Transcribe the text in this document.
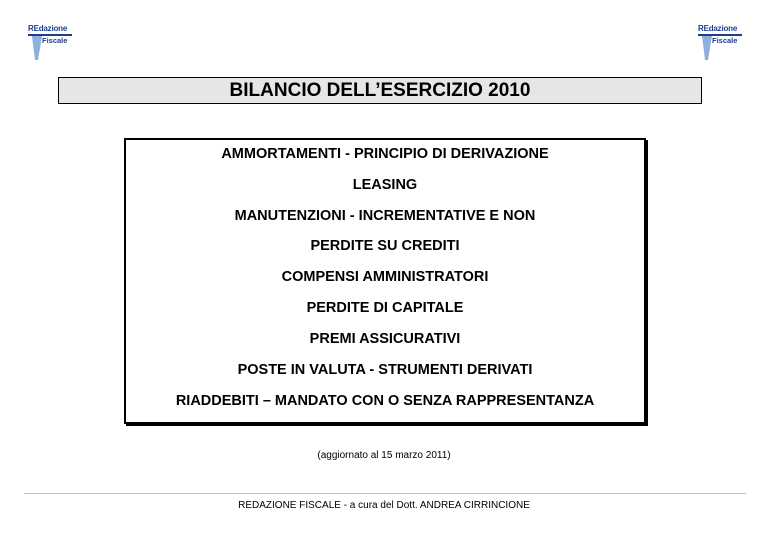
REdazione
Fiscale
REdazione
Fiscale
BILANCIO DELL’ESERCIZIO 2010
AMMORTAMENTI - PRINCIPIO DI DERIVAZIONE
LEASING
MANUTENZIONI - INCREMENTATIVE E NON
PERDITE SU CREDITI
COMPENSI AMMINISTRATORI
PERDITE DI CAPITALE
PREMI ASSICURATIVI
POSTE IN VALUTA - STRUMENTI DERIVATI
RIADDEBITI – MANDATO CON O SENZA RAPPRESENTANZA
(aggiornato al 15 marzo 2011)
REDAZIONE FISCALE - a cura del Dott. ANDREA CIRRINCIONE
